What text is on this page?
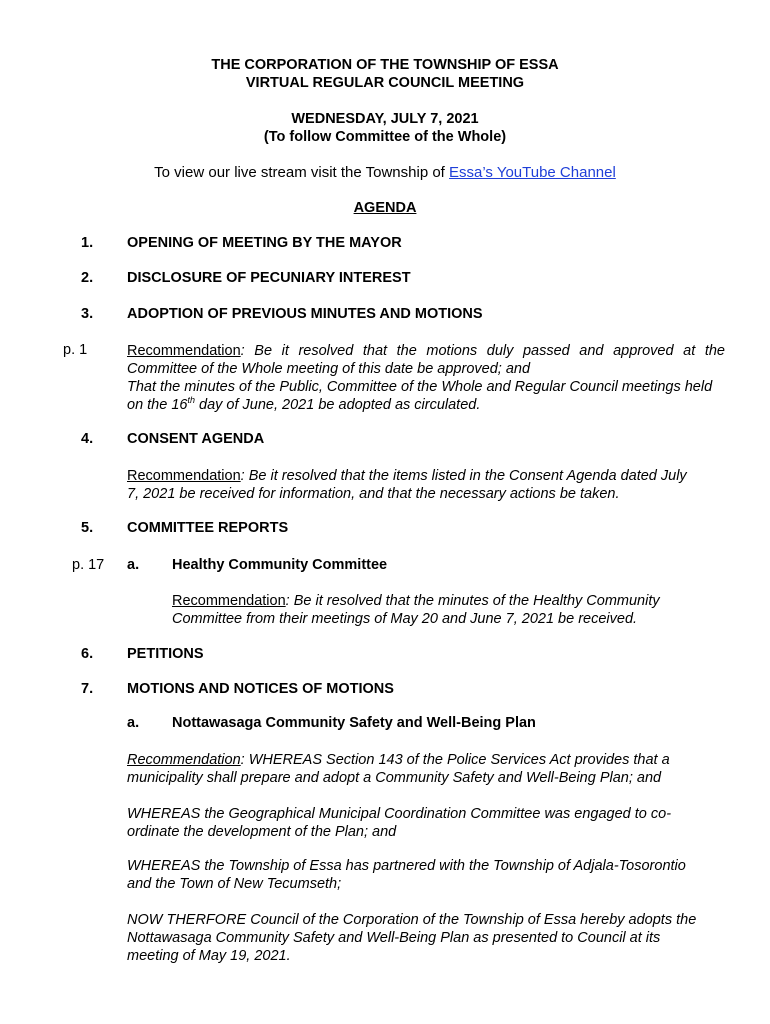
THE CORPORATION OF THE TOWNSHIP OF ESSA
VIRTUAL REGULAR COUNCIL MEETING
WEDNESDAY, JULY 7, 2021
(To follow Committee of the Whole)
To view our live stream visit the Township of Essa’s YouTube Channel
AGENDA
1. OPENING OF MEETING BY THE MAYOR
2. DISCLOSURE OF PECUNIARY INTEREST
3. ADOPTION OF PREVIOUS MINUTES AND MOTIONS
p. 1	Recommendation: Be it resolved that the motions duly passed and approved at the
Committee of the Whole meeting of this date be approved; and
That the minutes of the Public, Committee of the Whole and Regular Council meetings held
on the 16th day of June, 2021 be adopted as circulated.
4. CONSENT AGENDA
Recommendation: Be it resolved that the items listed in the Consent Agenda dated July
7, 2021 be received for information, and that the necessary actions be taken.
5. COMMITTEE REPORTS
p. 17 a. Healthy Community Committee
Recommendation: Be it resolved that the minutes of the Healthy Community
Committee from their meetings of May 20 and June 7, 2021 be received.
6. PETITIONS
7. MOTIONS AND NOTICES OF MOTIONS
a. Nottawasaga Community Safety and Well-Being Plan
Recommendation: WHEREAS Section 143 of the Police Services Act provides that a
municipality shall prepare and adopt a Community Safety and Well-Being Plan; and
WHEREAS the Geographical Municipal Coordination Committee was engaged to co-
ordinate the development of the Plan; and
WHEREAS the Township of Essa has partnered with the Township of Adjala-Tosorontio
and the Town of New Tecumseth;
NOW THERFORE Council of the Corporation of the Township of Essa hereby adopts the
Nottawasaga Community Safety and Well-Being Plan as presented to Council at its
meeting of May 19, 2021.
